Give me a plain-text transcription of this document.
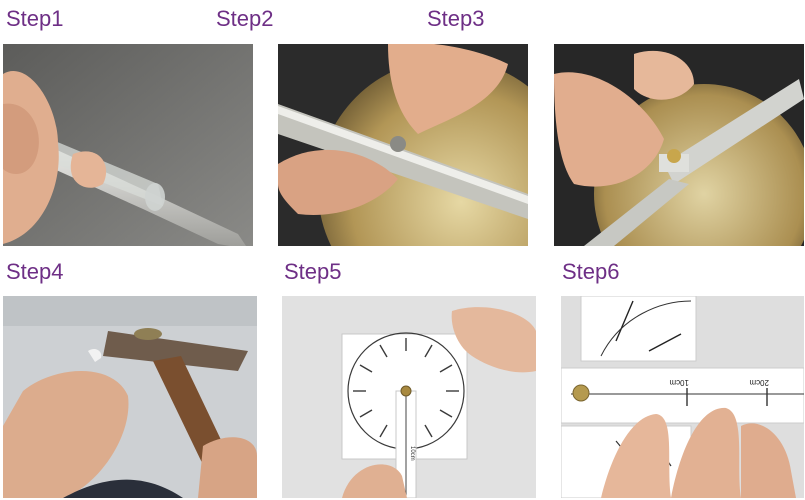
Step1	Step2	Step3
Step4	Step5	Step6
10cm
10cm	20cm
